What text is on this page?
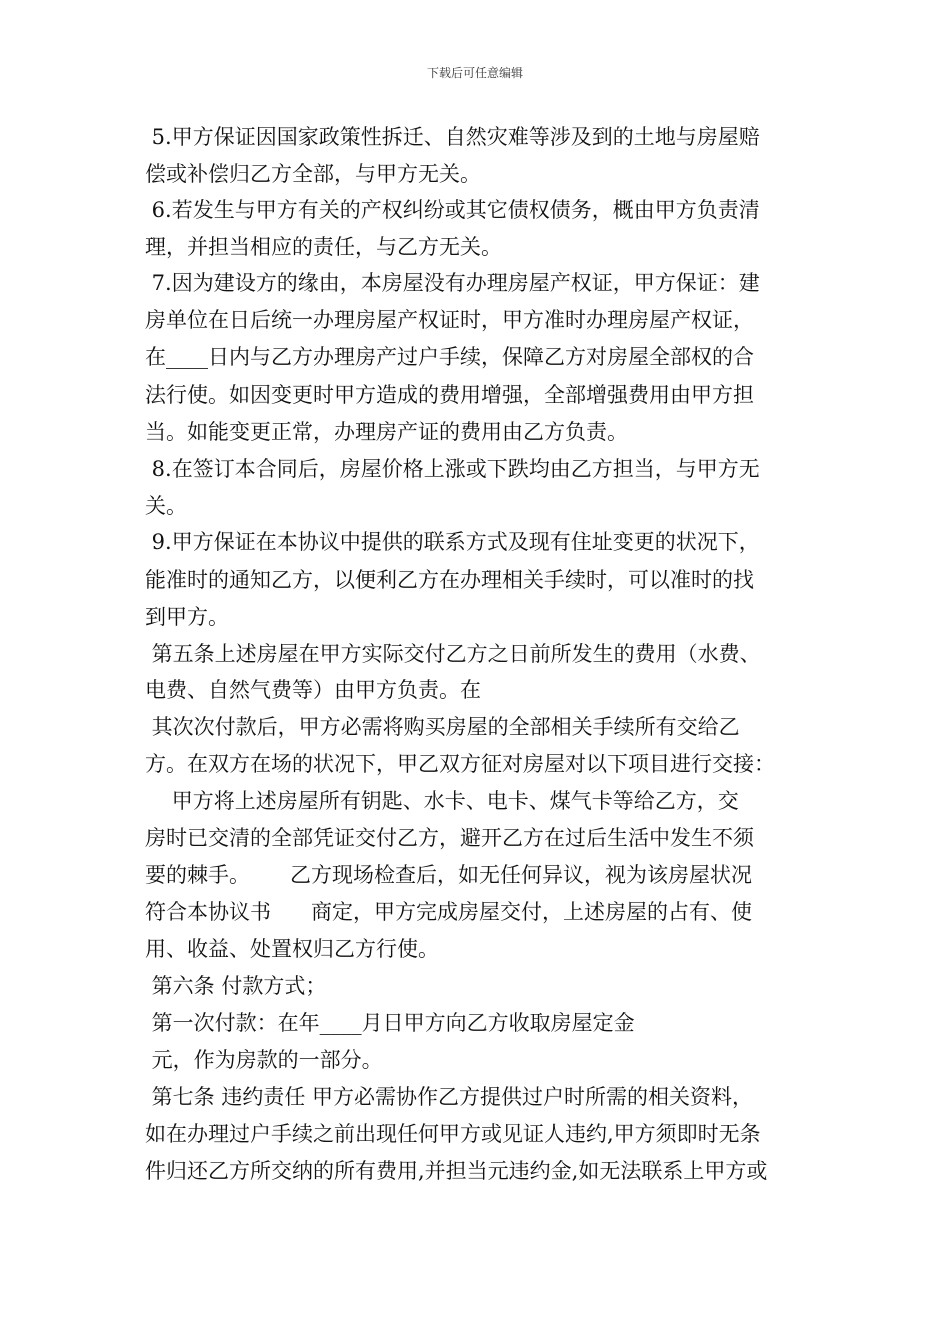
下载后可任意编辑
5.甲方保证因国家政策性拆迁、自然灾难等涉及到的土地与房屋赔
偿或补偿归乙方全部，与甲方无关。
6.若发生与甲方有关的产权纠纷或其它债权债务，概由甲方负责清
理，并担当相应的责任，与乙方无关。
7.因为建设方的缘由，本房屋没有办理房屋产权证，甲方保证：建
房单位在日后统一办理房屋产权证时，甲方准时办理房屋产权证，
在____日内与乙方办理房产过户手续，保障乙方对房屋全部权的合
法行使。如因变更时甲方造成的费用增强，全部增强费用由甲方担
当。如能变更正常，办理房产证的费用由乙方负责。
8.在签订本合同后，房屋价格上涨或下跌均由乙方担当，与甲方无
关。
9.甲方保证在本协议中提供的联系方式及现有住址变更的状况下，
能准时的通知乙方，以便利乙方在办理相关手续时，可以准时的找
到甲方。
第五条上述房屋在甲方实际交付乙方之日前所发生的费用（水费、
电费、自然气费等）由甲方负责。在
其次次付款后，甲方必需将购买房屋的全部相关手续所有交给乙
方。在双方在场的状况下，甲乙双方征对房屋对以下项目进行交接：
甲方将上述房屋所有钥匙、水卡、电卡、煤气卡等给乙方，交
房时已交清的全部凭证交付乙方，避开乙方在过后生活中发生不须
要的棘手。      乙方现场检查后，如无任何异议，视为该房屋状况
符合本协议书      商定，甲方完成房屋交付，上述房屋的占有、使
用、收益、处置权归乙方行使。
第六条 付款方式；
第一次付款：在年____月日甲方向乙方收取房屋定金
元，作为房款的一部分。
第七条 违约责任 甲方必需协作乙方提供过户时所需的相关资料，
如在办理过户手续之前出现任何甲方或见证人违约,甲方须即时无条
件归还乙方所交纳的所有费用,并担当元违约金,如无法联系上甲方或
